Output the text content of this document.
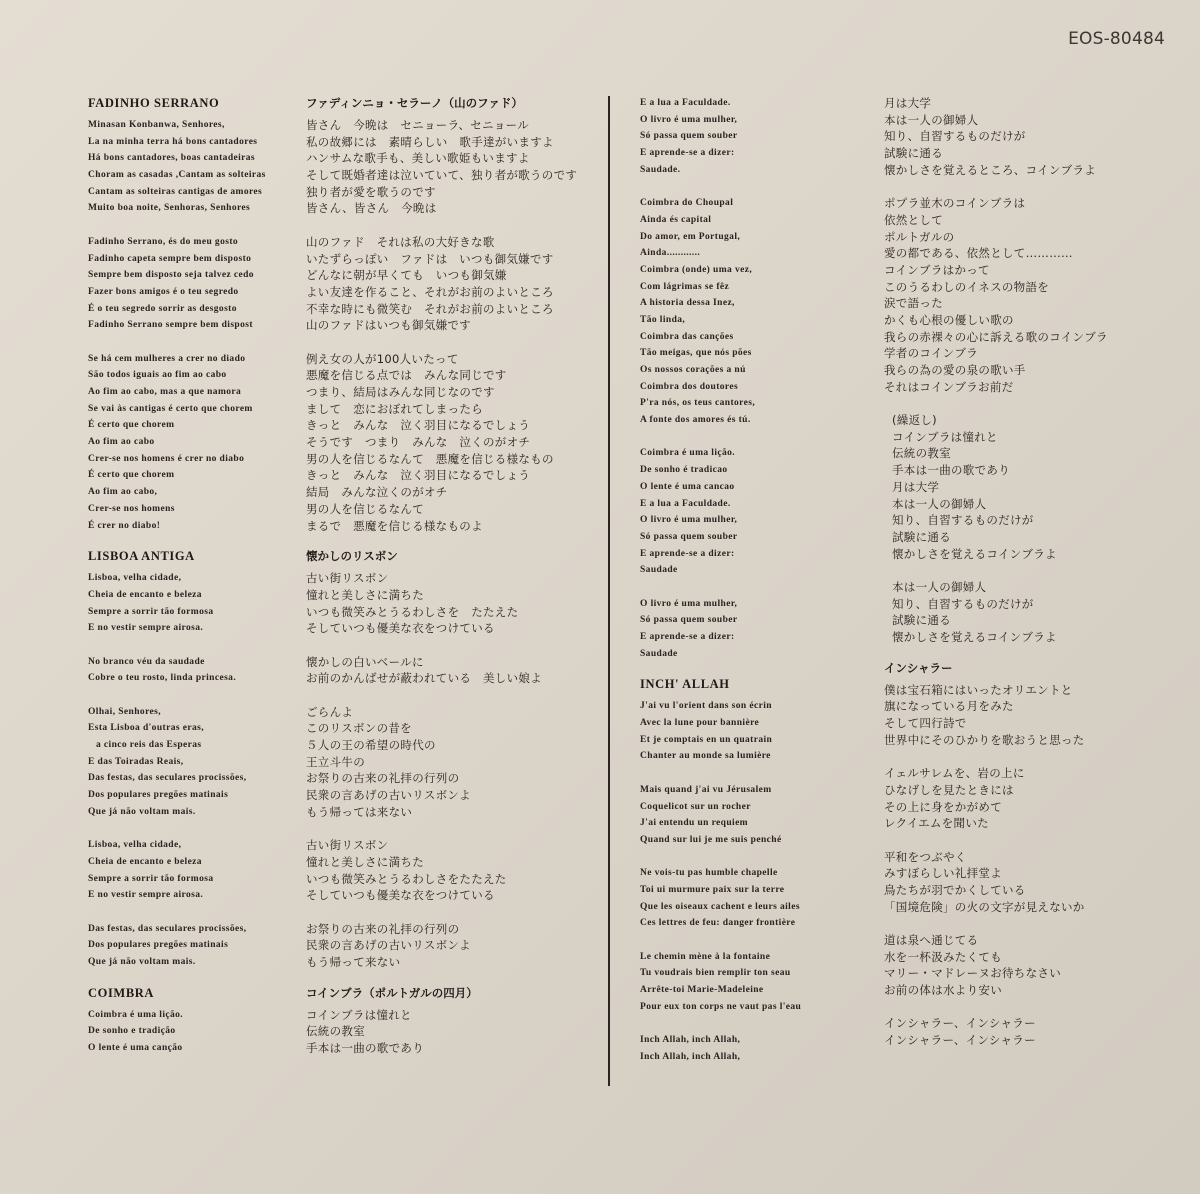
EOS-80484
FADINHO SERRANO
Minasan Konbanwa, Senhores,
La na minha terra há bons cantadores
Há bons cantadores, boas cantadeiras
Choram as casadas ,Cantam as solteiras
Cantam as solteiras cantigas de amores
Muito boa noite, Senhoras, Senhores
Fadinho Serrano, és do meu gosto
Fadinho capeta sempre bem disposto
Sempre bem disposto seja talvez cedo
Fazer bons amigos é o teu segredo
É o teu segredo sorrir as desgosto
Fadinho Serrano sempre bem dispost
Se há cem mulheres a crer no diado
São todos iguais ao fim ao cabo
Ao fim ao cabo, mas a que namora
Se vai às cantigas é certo que chorem
É certo que chorem
Ao fim ao cabo
Crer-se nos homens é crer no diabo
É certo que chorem
Ao fim ao cabo,
Crer-se nos homens
É crer no diabo!
LISBOA ANTIGA
Lisboa, velha cidade,
Cheia de encanto e beleza
Sempre a sorrir tão formosa
E no vestir sempre airosa.
No branco véu da saudade
Cobre o teu rosto, linda princesa.
Olhai, Senhores,
Esta Lisboa d'outras eras,
a cinco reis das Esperas
E das Toiradas Reais,
Das festas, das seculares procissões,
Dos populares pregões matinais
Que já não voltam mais.
Lisboa, velha cidade,
Cheia de encanto e beleza
Sempre a sorrir tão formosa
E no vestir sempre airosa.
Das festas, das seculares procissões,
Dos populares pregões matinais
Que já não voltam mais.
COIMBRA
Coimbra é uma lição.
De sonho e tradição
O lente é uma canção
ファディンニョ・セラーノ（山のファド）
皆さん　今晩は　セニョーラ、セニョール
私の故郷には　素晴らしい　歌手達がいますよ
ハンサムな歌手も、美しい歌姫もいますよ
そして既婚者達は泣いていて、独り者が歌うのです
独り者が愛を歌うのです
皆さん、皆さん　今晩は
山のファド　それは私の大好きな歌
いたずらっぽい　ファドは　いつも御気嫌です
どんなに朝が早くても　いつも御気嫌
よい友達を作ること、それがお前のよいところ
不幸な時にも微笑む　それがお前のよいところ
山のファドはいつも御気嫌です
例え女の人が100人いたって
悪魔を信じる点では　みんな同じです
つまり、結局はみんな同じなのです
まして　恋におぼれてしまったら
きっと　みんな　泣く羽目になるでしょう
そうです　つまり　みんな　泣くのがオチ
男の人を信じるなんて　悪魔を信じる様なもの
きっと　みんな　泣く羽目になるでしょう
結局　みんな泣くのがオチ
男の人を信じるなんて
まるで　悪魔を信じる様なものよ
懐かしのリスボン
古い街リスボン
憧れと美しさに満ちた
いつも微笑みとうるわしさを　たたえた
そしていつも優美な衣をつけている
懐かしの白いベールに
お前のかんばせが蔽われている　美しい娘よ
ごらんよ
このリスボンの昔を
５人の王の希望の時代の
王立斗牛の
お祭りの古来の礼拝の行列の
民衆の言あげの古いリスボンよ
もう帰っては来ない
古い街リスボン
憧れと美しさに満ちた
いつも微笑みとうるわしさをたたえた
そしていつも優美な衣をつけている
お祭りの古来の礼拝の行列の
民衆の言あげの古いリスボンよ
もう帰って来ない
コインブラ（ポルトガルの四月）
コインブラは憧れと
伝統の教室
手本は一曲の歌であり
E a lua a Faculdade.
O livro é uma mulher,
Só passa quem souber
E aprende-se a dizer:
Saudade.
Coimbra do Choupal
Ainda és capital
Do amor, em Portugal,
Ainda............
Coimbra (onde) uma vez,
Com lágrimas se fêz
A historia dessa Inez,
Tão linda,
Coimbra das canções
Tão meigas, que nós pões
Os nossos corações a nú
Coimbra dos doutores
P'ra nós, os teus cantores,
A fonte dos amores és tú.
Coimbra é uma lição.
De sonho é tradicao
O lente é uma cancao
E a lua a Faculdade.
O livro é uma mulher,
Só passa quem souber
E aprende-se a dizer:
Saudade
O livro é uma mulher,
Só passa quem souber
E aprende-se a dizer:
Saudade
INCH' ALLAH
J'ai vu l'orient dans son écrin
Avec la lune pour bannière
Et je comptais en un quatrain
Chanter au monde sa lumière
Mais quand j'ai vu Jérusalem
Coquelicot sur un rocher
J'ai entendu un requiem
Quand sur lui je me suis penché
Ne vois-tu pas humble chapelle
Toi ui murmure paix sur la terre
Que les oiseaux cachent e leurs ailes
Ces lettres de feu: danger frontière
Le chemin mène à la fontaine
Tu voudrais bien remplir ton seau
Arrête-toi Marie-Madeleine
Pour eux ton corps ne vaut pas l'eau
Inch Allah, inch Allah,
Inch Allah, inch Allah,
月は大学
本は一人の御婦人
知り、自習するものだけが
試験に通る
懐かしさを覚えるところ、コインブラよ
ポプラ並木のコインブラは
依然として
ポルトガルの
愛の都である、依然として…………
コインブラはかって
このうるわしのイネスの物語を
涙で語った
かくも心根の優しい歌の
我らの赤裸々の心に訴える歌のコインブラ
学者のコインブラ
我らの為の愛の泉の歌い手
それはコインブラお前だ
(繰返し)
コインブラは憧れと
伝統の教室
手本は一曲の歌であり
月は大学
本は一人の御婦人
知り、自習するものだけが
試験に通る
懐かしさを覚えるコインブラよ
本は一人の御婦人
知り、自習するものだけが
試験に通る
懐かしさを覚えるコインブラよ
インシャラー
僕は宝石箱にはいったオリエントと
旗になっている月をみた
そして四行詩で
世界中にそのひかりを歌おうと思った
イェルサレムを、岩の上に
ひなげしを見たときには
その上に身をかがめて
レクイエムを聞いた
平和をつぶやく
みすぼらしい礼拝堂よ
鳥たちが羽でかくしている
「国境危険」の火の文字が見えないか
道は泉へ通じてる
水を一杯汲みたくても
マリー・マドレーヌお待ちなさい
お前の体は水より安い
インシャラー、インシャラー
インシャラー、インシャラー
